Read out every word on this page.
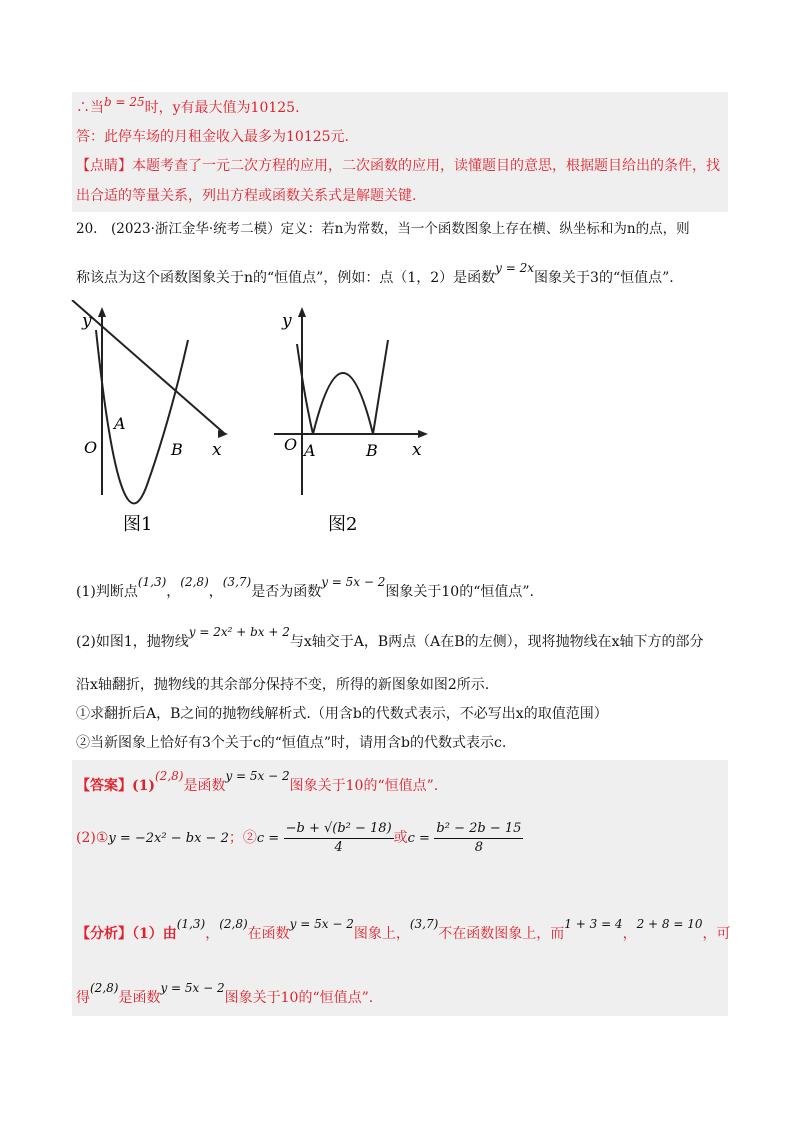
∴当b = 25时，y有最大值为10125.
答：此停车场的月租金收入最多为10125元.
【点睛】本题考查了一元二次方程的应用，二次函数的应用，读懂题目的意思，根据题目给出的条件，找
出合适的等量关系，列出方程或函数关系式是解题关键.
20.　(2023·浙江金华·统考二模）定义：若n为常数，当一个函数图象上存在横、纵坐标和为n的点，则
称该点为这个函数图象关于n的“恒值点”，例如：点（1，2）是函数y = 2x图象关于3的“恒值点”.
y
x
O
A
B
图1
y
x
O A	B
图2
(1)判断点(1,3)，(2,8)，(3,7)是否为函数y = 5x − 2图象关于10的“恒值点”.
(2)如图1，抛物线y = 2x² + bx + 2与x轴交于A，B两点（A在B的左侧），现将抛物线在x轴下方的部分
沿x轴翻折，抛物线的其余部分保持不变，所得的新图象如图2所示.
①求翻折后A，B之间的抛物线解析式.（用含b的代数式表示，不必写出x的取值范围）
②当新图象上恰好有3个关于c的“恒值点”时，请用含b的代数式表示c.
【答案】(1)(2,8)是函数y = 5x − 2图象关于10的“恒值点”.
(2)①y = −2x² − bx − 2；②c = $\frac{\text{−b + √(b² − 18)}}{4}$ 或$c = \frac{\text{b² − 2b − 15}}{8}$
【分析】（1）由(1,3)，(2,8)在函数y = 5x − 2图象上，(3,7)不在函数图象上，而1 + 3 = 4，2 + 8 = 10，可
得(2,8)是函数y = 5x − 2图象关于10的“恒值点”.
